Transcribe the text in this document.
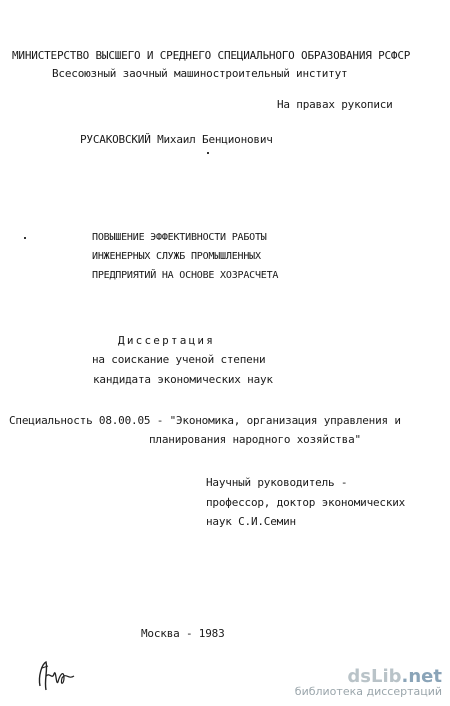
МИНИСТЕРСТВО ВЫСШЕГО И СРЕДНЕГО СПЕЦИАЛЬНОГО ОБРАЗОВАНИЯ РСФСР
Всесоюзный заочный машиностроительный институт
На правах рукописи
РУСАКОВСКИЙ Михаил Бенционович
ПОВЫШЕНИЕ ЭФФЕКТИВНОСТИ РАБОТЫ
ИНЖЕНЕРНЫХ СЛУЖБ ПРОМЫШЛЕННЫХ
ПРЕДПРИЯТИЙ НА ОСНОВЕ ХОЗРАСЧЕТА
Диссертация
на соискание ученой степени
кандидата экономических наук
Специальность 08.00.05 - "Экономика, организация управления и
планирования народного хозяйства"
Научный руководитель -
профессор, доктор экономических
наук С.И.Семин
Москва - 1983
dsLib.net
библиотека диссертаций
